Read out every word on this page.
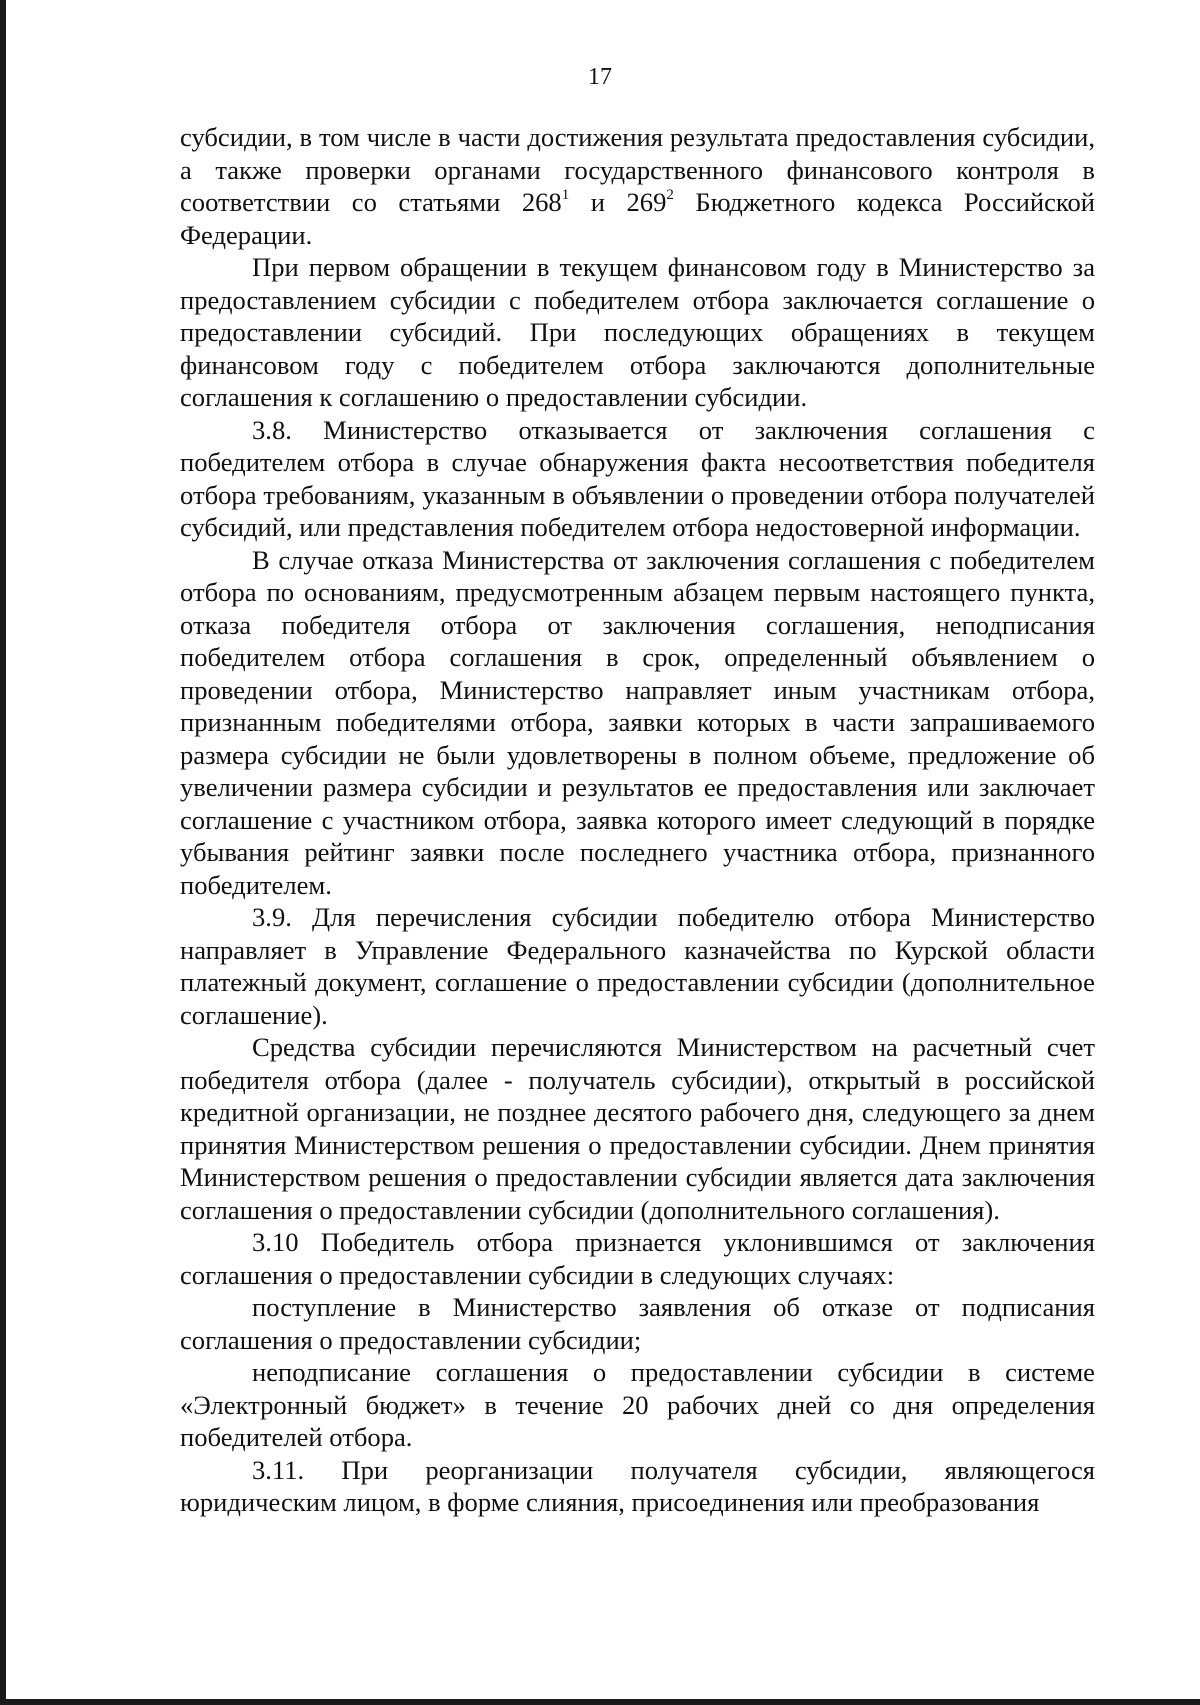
17

субсидии, в том числе в части достижения результата предоставления субсидии, а также проверки органами государственного финансового контроля в соответствии со статьями $268^1$ и $269^2$ Бюджетного кодекса Российской Федерации.

При первом обращении в текущем финансовом году в Министерство за предоставлением субсидии с победителем отбора заключается соглашение о предоставлении субсидий. При последующих обращениях в текущем финансовом году с победителем отбора заключаются дополнительные соглашения к соглашению о предоставлении субсидии.

3.8. Министерство отказывается от заключения соглашения с победителем отбора в случае обнаружения факта несоответствия победителя отбора требованиям, указанным в объявлении о проведении отбора получателей субсидий, или представления победителем отбора недостоверной информации.

В случае отказа Министерства от заключения соглашения с победителем отбора по основаниям, предусмотренным абзацем первым настоящего пункта, отказа победителя отбора от заключения соглашения, неподписания победителем отбора соглашения в срок, определенный объявлением о проведении отбора, Министерство направляет иным участникам отбора, признанным победителями отбора, заявки которых в части запрашиваемого размера субсидии не были удовлетворены в полном объеме, предложение об увеличении размера субсидии и результатов ее предоставления или заключает соглашение с участником отбора, заявка которого имеет следующий в порядке убывания рейтинг заявки после последнего участника отбора, признанного победителем.

3.9. Для перечисления субсидии победителю отбора Министерство направляет в Управление Федерального казначейства по Курской области платежный документ, соглашение о предоставлении субсидии (дополнительное соглашение).

Средства субсидии перечисляются Министерством на расчетный счет победителя отбора (далее - получатель субсидии), открытый в российской кредитной организации, не позднее десятого рабочего дня, следующего за днем принятия Министерством решения о предоставлении субсидии. Днем принятия Министерством решения о предоставлении субсидии является дата заключения соглашения о предоставлении субсидии (дополнительного соглашения).

3.10 Победитель отбора признается уклонившимся от заключения соглашения о предоставлении субсидии в следующих случаях:

поступление в Министерство заявления об отказе от подписания соглашения о предоставлении субсидии;

неподписание соглашения о предоставлении субсидии в системе «Электронный бюджет» в течение 20 рабочих дней со дня определения победителей отбора.

3.11. При реорганизации получателя субсидии, являющегося юридическим лицом, в форме слияния, присоединения или преобразования
